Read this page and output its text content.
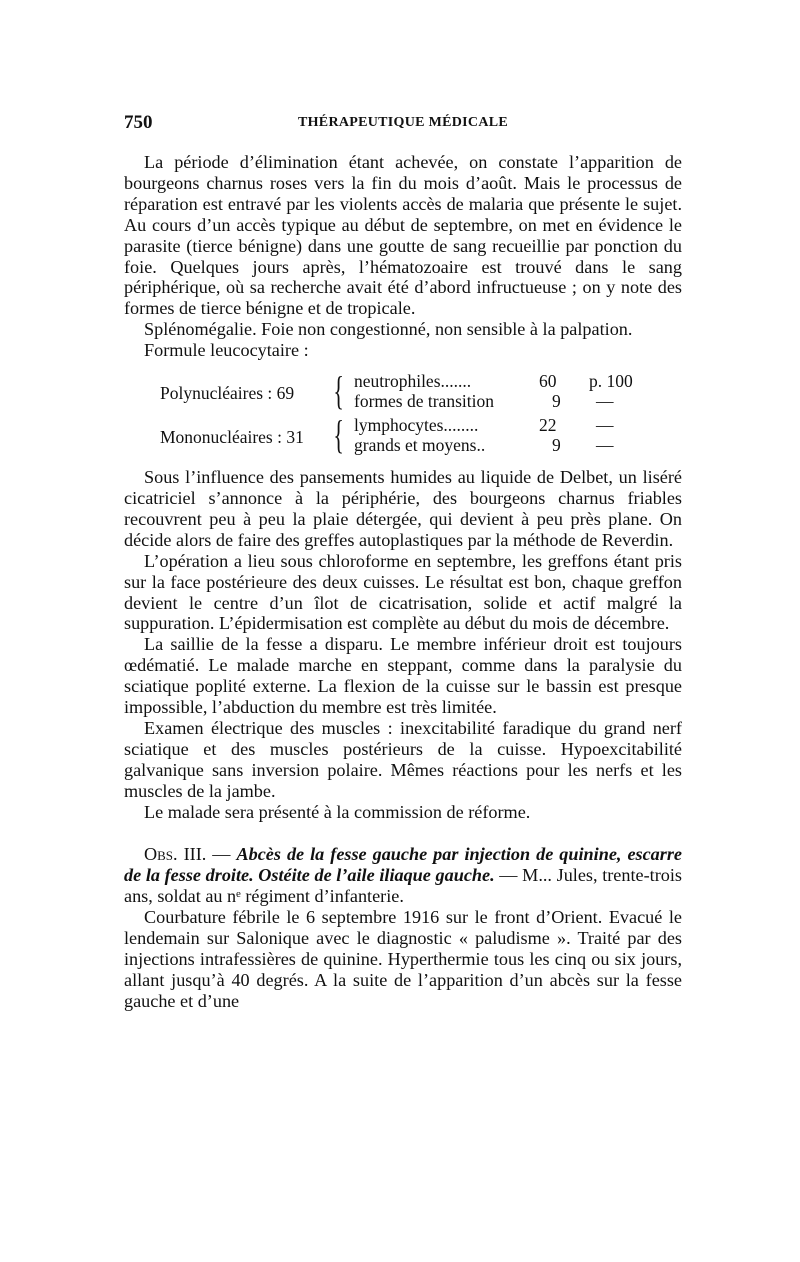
750	THÉRAPEUTIQUE MÉDICALE

La période d’élimination étant achevée, on constate l’apparition de bourgeons charnus roses vers la fin du mois d’août. Mais le processus de réparation est entravé par les violents accès de malaria que présente le sujet. Au cours d’un accès typique au début de septembre, on met en évidence le parasite (tierce bénigne) dans une goutte de sang recueillie par ponction du foie. Quelques jours après, l’hématozoaire est trouvé dans le sang périphérique, où sa recherche avait été d’abord infructueuse ; on y note des formes de tierce bénigne et de tropicale.

Splénomégalie. Foie non congestionné, non sensible à la palpation.

Formule leucocytaire :

Polynucléaires : 69 { neutrophiles.......	60 p. 100
formes de transition	9 —
Mononucléaires : 31 { lymphocytes........	22 —
grands et moyens..	9 —

Sous l’influence des pansements humides au liquide de Delbet, un liséré cicatriciel s’annonce à la périphérie, des bourgeons charnus friables recouvrent peu à peu la plaie détergée, qui devient à peu près plane. On décide alors de faire des greffes autoplastiques par la méthode de Reverdin.

L’opération a lieu sous chloroforme en septembre, les greffons étant pris sur la face postérieure des deux cuisses. Le résultat est bon, chaque greffon devient le centre d’un îlot de cicatrisation, solide et actif malgré la suppuration. L’épidermisation est complète au début du mois de décembre.

La saillie de la fesse a disparu. Le membre inférieur droit est toujours œdématié. Le malade marche en steppant, comme dans la paralysie du sciatique poplité externe. La flexion de la cuisse sur le bassin est presque impossible, l’abduction du membre est très limitée.

Examen électrique des muscles : inexcitabilité faradique du grand nerf sciatique et des muscles postérieurs de la cuisse. Hypoexcitabilité galvanique sans inversion polaire. Mêmes réactions pour les nerfs et les muscles de la jambe.

Le malade sera présenté à la commission de réforme.

Obs. III. — Abcès de la fesse gauche par injection de quinine, escarre de la fesse droite. Ostéite de l’aile iliaque gauche. — M... Jules, trente-trois ans, soldat au nᵉ régiment d’infanterie.

Courbature fébrile le 6 septembre 1916 sur le front d’Orient. Evacué le lendemain sur Salonique avec le diagnostic « paludisme ». Traité par des injections intrafessières de quinine. Hyperthermie tous les cinq ou six jours, allant jusqu’à 40 degrés. A la suite de l’apparition d’un abcès sur la fesse gauche et d’une
